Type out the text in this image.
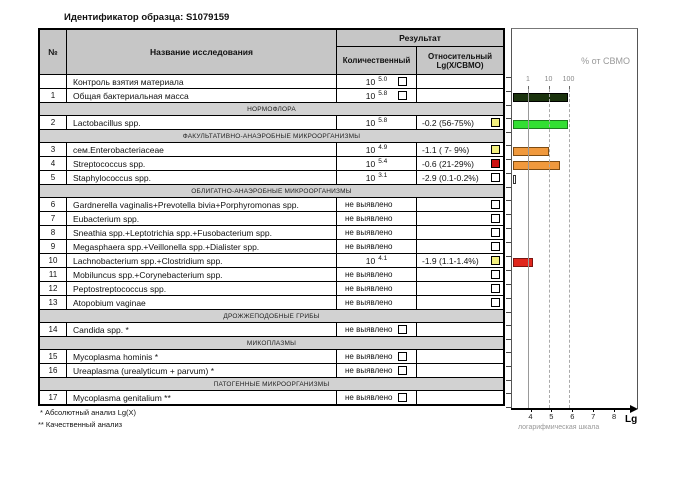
Идентификатор образца: S1079159
№	Название исследования
Результат
Количественный	Относительный
Lg(X/СВМО)
Контроль взятия материала	10 $^{5.0}$
1	Общая бактериальная масса	10 $^{5.8}$
НОРМОФЛОРА
2	Lactobacillus spp.	10 $^{5.8}$	-0.2 (56-75%)
ФАКУЛЬТАТИВНО-АНАЭРОБНЫЕ МИКРООРГАНИЗМЫ
3	сем.Enterobacteriaceae	10 $^{4.9}$	-1.1 ( 7- 9%)
4	Streptococcus spp.	10 $^{5.4}$	-0.6 (21-29%)
5	Staphylococcus spp.	10 $^{3.1}$	-2.9 (0.1-0.2%)
ОБЛИГАТНО-АНАЭРОБНЫЕ МИКРООРГАНИЗМЫ
6	Gardnerella vaginalis+Prevotella bivia+Porphyromonas spp.	не выявлено
7	Eubacterium spp.	не выявлено
8	Sneathia spp.+Leptotrichia spp.+Fusobacterium spp.	не выявлено
9	Megasphaera spp.+Veillonella spp.+Dialister spp.	не выявлено
10	Lachnobacterium spp.+Clostridium spp.	10 $^{4.1}$	-1.9 (1.1-1.4%)
11	Mobiluncus spp.+Corynebacterium spp.	не выявлено
12	Peptostreptococcus spp.	не выявлено
13	Atopobium vaginae	не выявлено
ДРОЖЖЕПОДОБНЫЕ ГРИБЫ
14	Candida spp. *	не выявлено
МИКОПЛАЗМЫ
15	Mycoplasma hominis *	не выявлено
16	Ureaplasma (urealyticum + parvum) *	не выявлено
ПАТОГЕННЫЕ МИКРООРГАНИЗМЫ
17	Mycoplasma genitalium **	не выявлено
* Абсолютный анализ Lg(X)
** Качественный анализ
% от СВМО
1 10 100
4 5 6 7 8 Lg
логарифмическая шкала
